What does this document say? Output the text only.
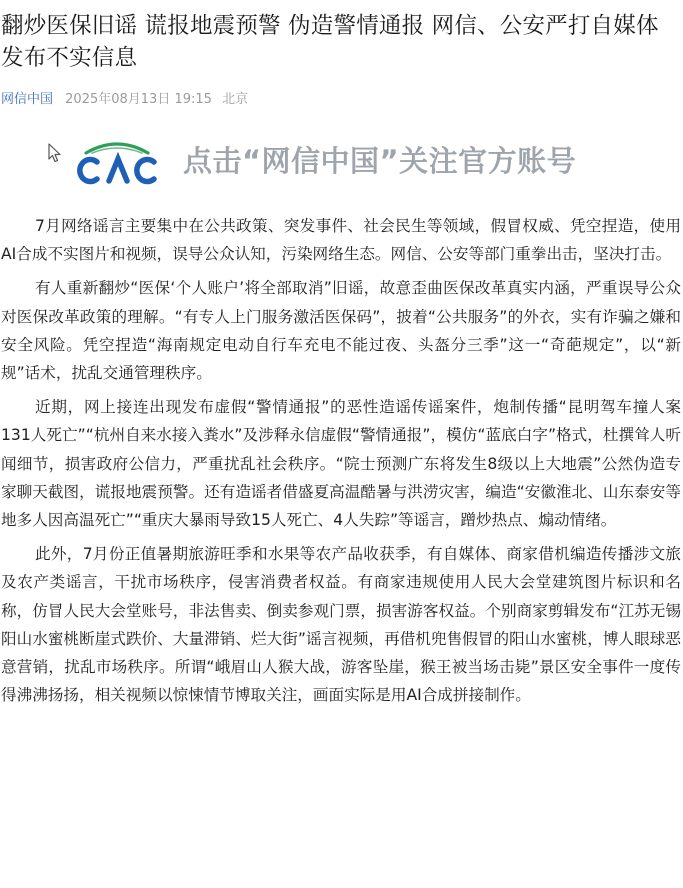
翻炒医保旧谣 谎报地震预警 伪造警情通报 网信、公安严打自媒体发布不实信息
网信中国 2025年08月13日 19:15 北京
点击“网信中国”关注官方账号

7月网络谣言主要集中在公共政策、突发事件、社会民生等领域，假冒权威、凭空捏造，使用AI合成不实图片和视频，误导公众认知，污染网络生态。网信、公安等部门重拳出击，坚决打击。

有人重新翻炒“医保‘个人账户’将全部取消”旧谣，故意歪曲医保改革真实内涵，严重误导公众对医保改革政策的理解。“有专人上门服务激活医保码”，披着“公共服务”的外衣，实有诈骗之嫌和安全风险。凭空捏造“海南规定电动自行车充电不能过夜、头盔分三季”这一“奇葩规定”，以“新规”话术，扰乱交通管理秩序。

近期，网上接连出现发布虚假“警情通报”的恶性造谣传谣案件，炮制传播“昆明驾车撞人案131人死亡”“杭州自来水接入粪水”及涉释永信虚假“警情通报”，模仿“蓝底白字”格式，杜撰耸人听闻细节，损害政府公信力，严重扰乱社会秩序。“院士预测广东将发生8级以上大地震”公然伪造专家聊天截图，谎报地震预警。还有造谣者借盛夏高温酷暑与洪涝灾害，编造“安徽淮北、山东泰安等地多人因高温死亡”“重庆大暴雨导致15人死亡、4人失踪”等谣言，蹭炒热点、煽动情绪。

此外，7月份正值暑期旅游旺季和水果等农产品收获季，有自媒体、商家借机编造传播涉文旅及农产类谣言，干扰市场秩序，侵害消费者权益。有商家违规使用人民大会堂建筑图片标识和名称，仿冒人民大会堂账号，非法售卖、倒卖参观门票，损害游客权益。个别商家剪辑发布“江苏无锡阳山水蜜桃断崖式跌价、大量滞销、烂大街”谣言视频，再借机兜售假冒的阳山水蜜桃，博人眼球恶意营销，扰乱市场秩序。所谓“峨眉山人猴大战，游客坠崖，猴王被当场击毙”景区安全事件一度传得沸沸扬扬，相关视频以惊悚情节博取关注，画面实际是用AI合成拼接制作。
